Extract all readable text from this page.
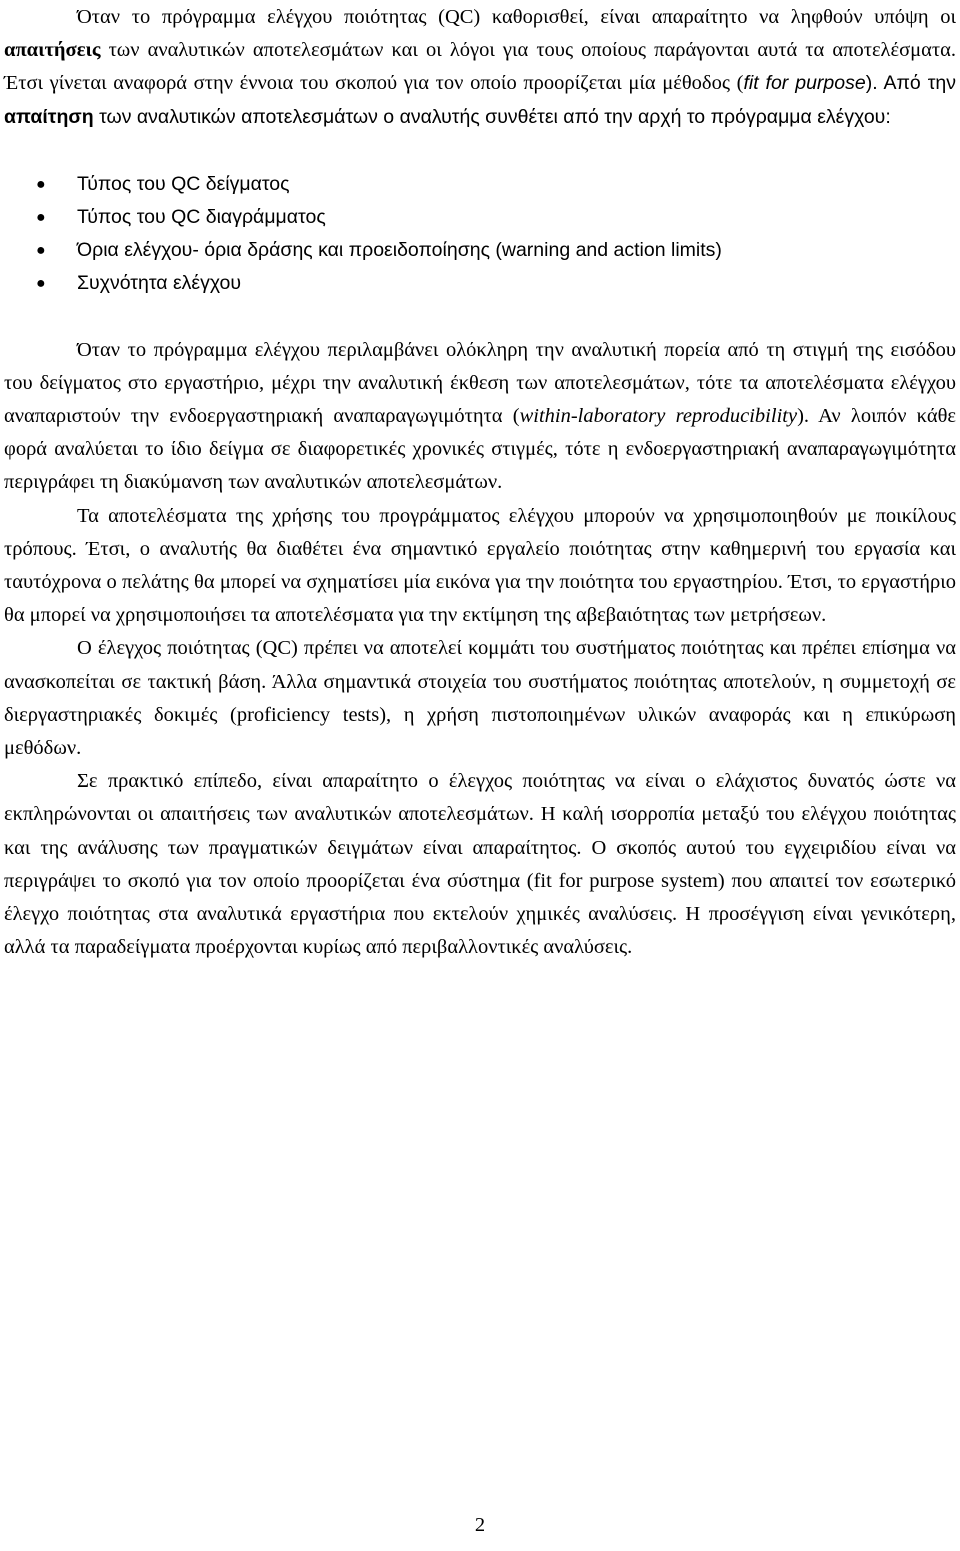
Όταν το πρόγραμμα ελέγχου ποιότητας (QC) καθορισθεί, είναι απαραίτητο να ληφθούν υπόψη οι απαιτήσεις των αναλυτικών αποτελεσμάτων και οι λόγοι για τους οποίους παράγονται αυτά τα αποτελέσματα. Έτσι γίνεται αναφορά στην έννοια του σκοπού για τον οποίο προορίζεται μία μέθοδος (fit for purpose). Από την απαίτηση των αναλυτικών αποτελεσμάτων ο αναλυτής συνθέτει από την αρχή το πρόγραμμα ελέγχου:

● Τύπος του QC δείγματος
● Τύπος του QC διαγράμματος
● Όρια ελέγχου- όρια δράσης και προειδοποίησης (warning and action limits)
● Συχνότητα ελέγχου

Όταν το πρόγραμμα ελέγχου περιλαμβάνει ολόκληρη την αναλυτική πορεία από τη στιγμή της εισόδου του δείγματος στο εργαστήριο, μέχρι την αναλυτική έκθεση των αποτελεσμάτων, τότε τα αποτελέσματα ελέγχου αναπαριστούν την ενδοεργαστηριακή αναπαραγωγιμότητα (within-laboratory reproducibility). Αν λοιπόν κάθε φορά αναλύεται το ίδιο δείγμα σε διαφορετικές χρονικές στιγμές, τότε η ενδοεργαστηριακή αναπαραγωγιμότητα περιγράφει τη διακύμανση των αναλυτικών αποτελεσμάτων.

Τα αποτελέσματα της χρήσης του προγράμματος ελέγχου μπορούν να χρησιμοποιηθούν με ποικίλους τρόπους. Έτσι, ο αναλυτής θα διαθέτει ένα σημαντικό εργαλείο ποιότητας στην καθημερινή του εργασία και ταυτόχρονα ο πελάτης θα μπορεί να σχηματίσει μία εικόνα για την ποιότητα του εργαστηρίου. Έτσι, το εργαστήριο θα μπορεί να χρησιμοποιήσει τα αποτελέσματα για την εκτίμηση της αβεβαιότητας των μετρήσεων.

Ο έλεγχος ποιότητας (QC) πρέπει να αποτελεί κομμάτι του συστήματος ποιότητας και πρέπει επίσημα να ανασκοπείται σε τακτική βάση. Άλλα σημαντικά στοιχεία του συστήματος ποιότητας αποτελούν, η συμμετοχή σε διεργαστηριακές δοκιμές (proficiency tests), η χρήση πιστοποιημένων υλικών αναφοράς και η επικύρωση μεθόδων.

Σε πρακτικό επίπεδο, είναι απαραίτητο ο έλεγχος ποιότητας να είναι ο ελάχιστος δυνατός ώστε να εκπληρώνονται οι απαιτήσεις των αναλυτικών αποτελεσμάτων. Η καλή ισορροπία μεταξύ του ελέγχου ποιότητας και της ανάλυσης των πραγματικών δειγμάτων είναι απαραίτητος. Ο σκοπός αυτού του εγχειριδίου είναι να περιγράψει το σκοπό για τον οποίο προορίζεται ένα σύστημα (fit for purpose system) που απαιτεί τον εσωτερικό έλεγχο ποιότητας στα αναλυτικά εργαστήρια που εκτελούν χημικές αναλύσεις. Η προσέγγιση είναι γενικότερη, αλλά τα παραδείγματα προέρχονται κυρίως από περιβαλλοντικές αναλύσεις.

2
